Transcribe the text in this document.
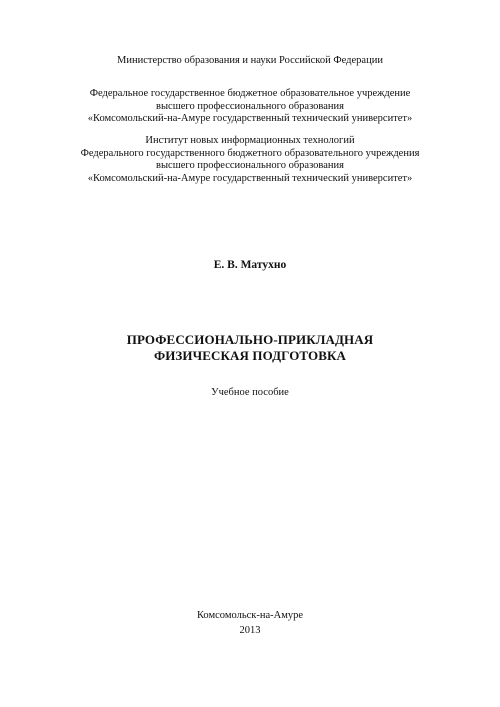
Министерство образования и науки Российской Федерации
Федеральное государственное бюджетное образовательное учреждение
высшего профессионального образования
«Комсомольский-на-Амуре государственный технический университет»
Институт новых информационных технологий
Федерального государственного бюджетного образовательного учреждения
высшего профессионального образования
«Комсомольский-на-Амуре государственный технический университет»
Е. В. Матухно
ПРОФЕССИОНАЛЬНО-ПРИКЛАДНАЯ
ФИЗИЧЕСКАЯ ПОДГОТОВКА
Учебное пособие
Комсомольск-на-Амуре
2013
